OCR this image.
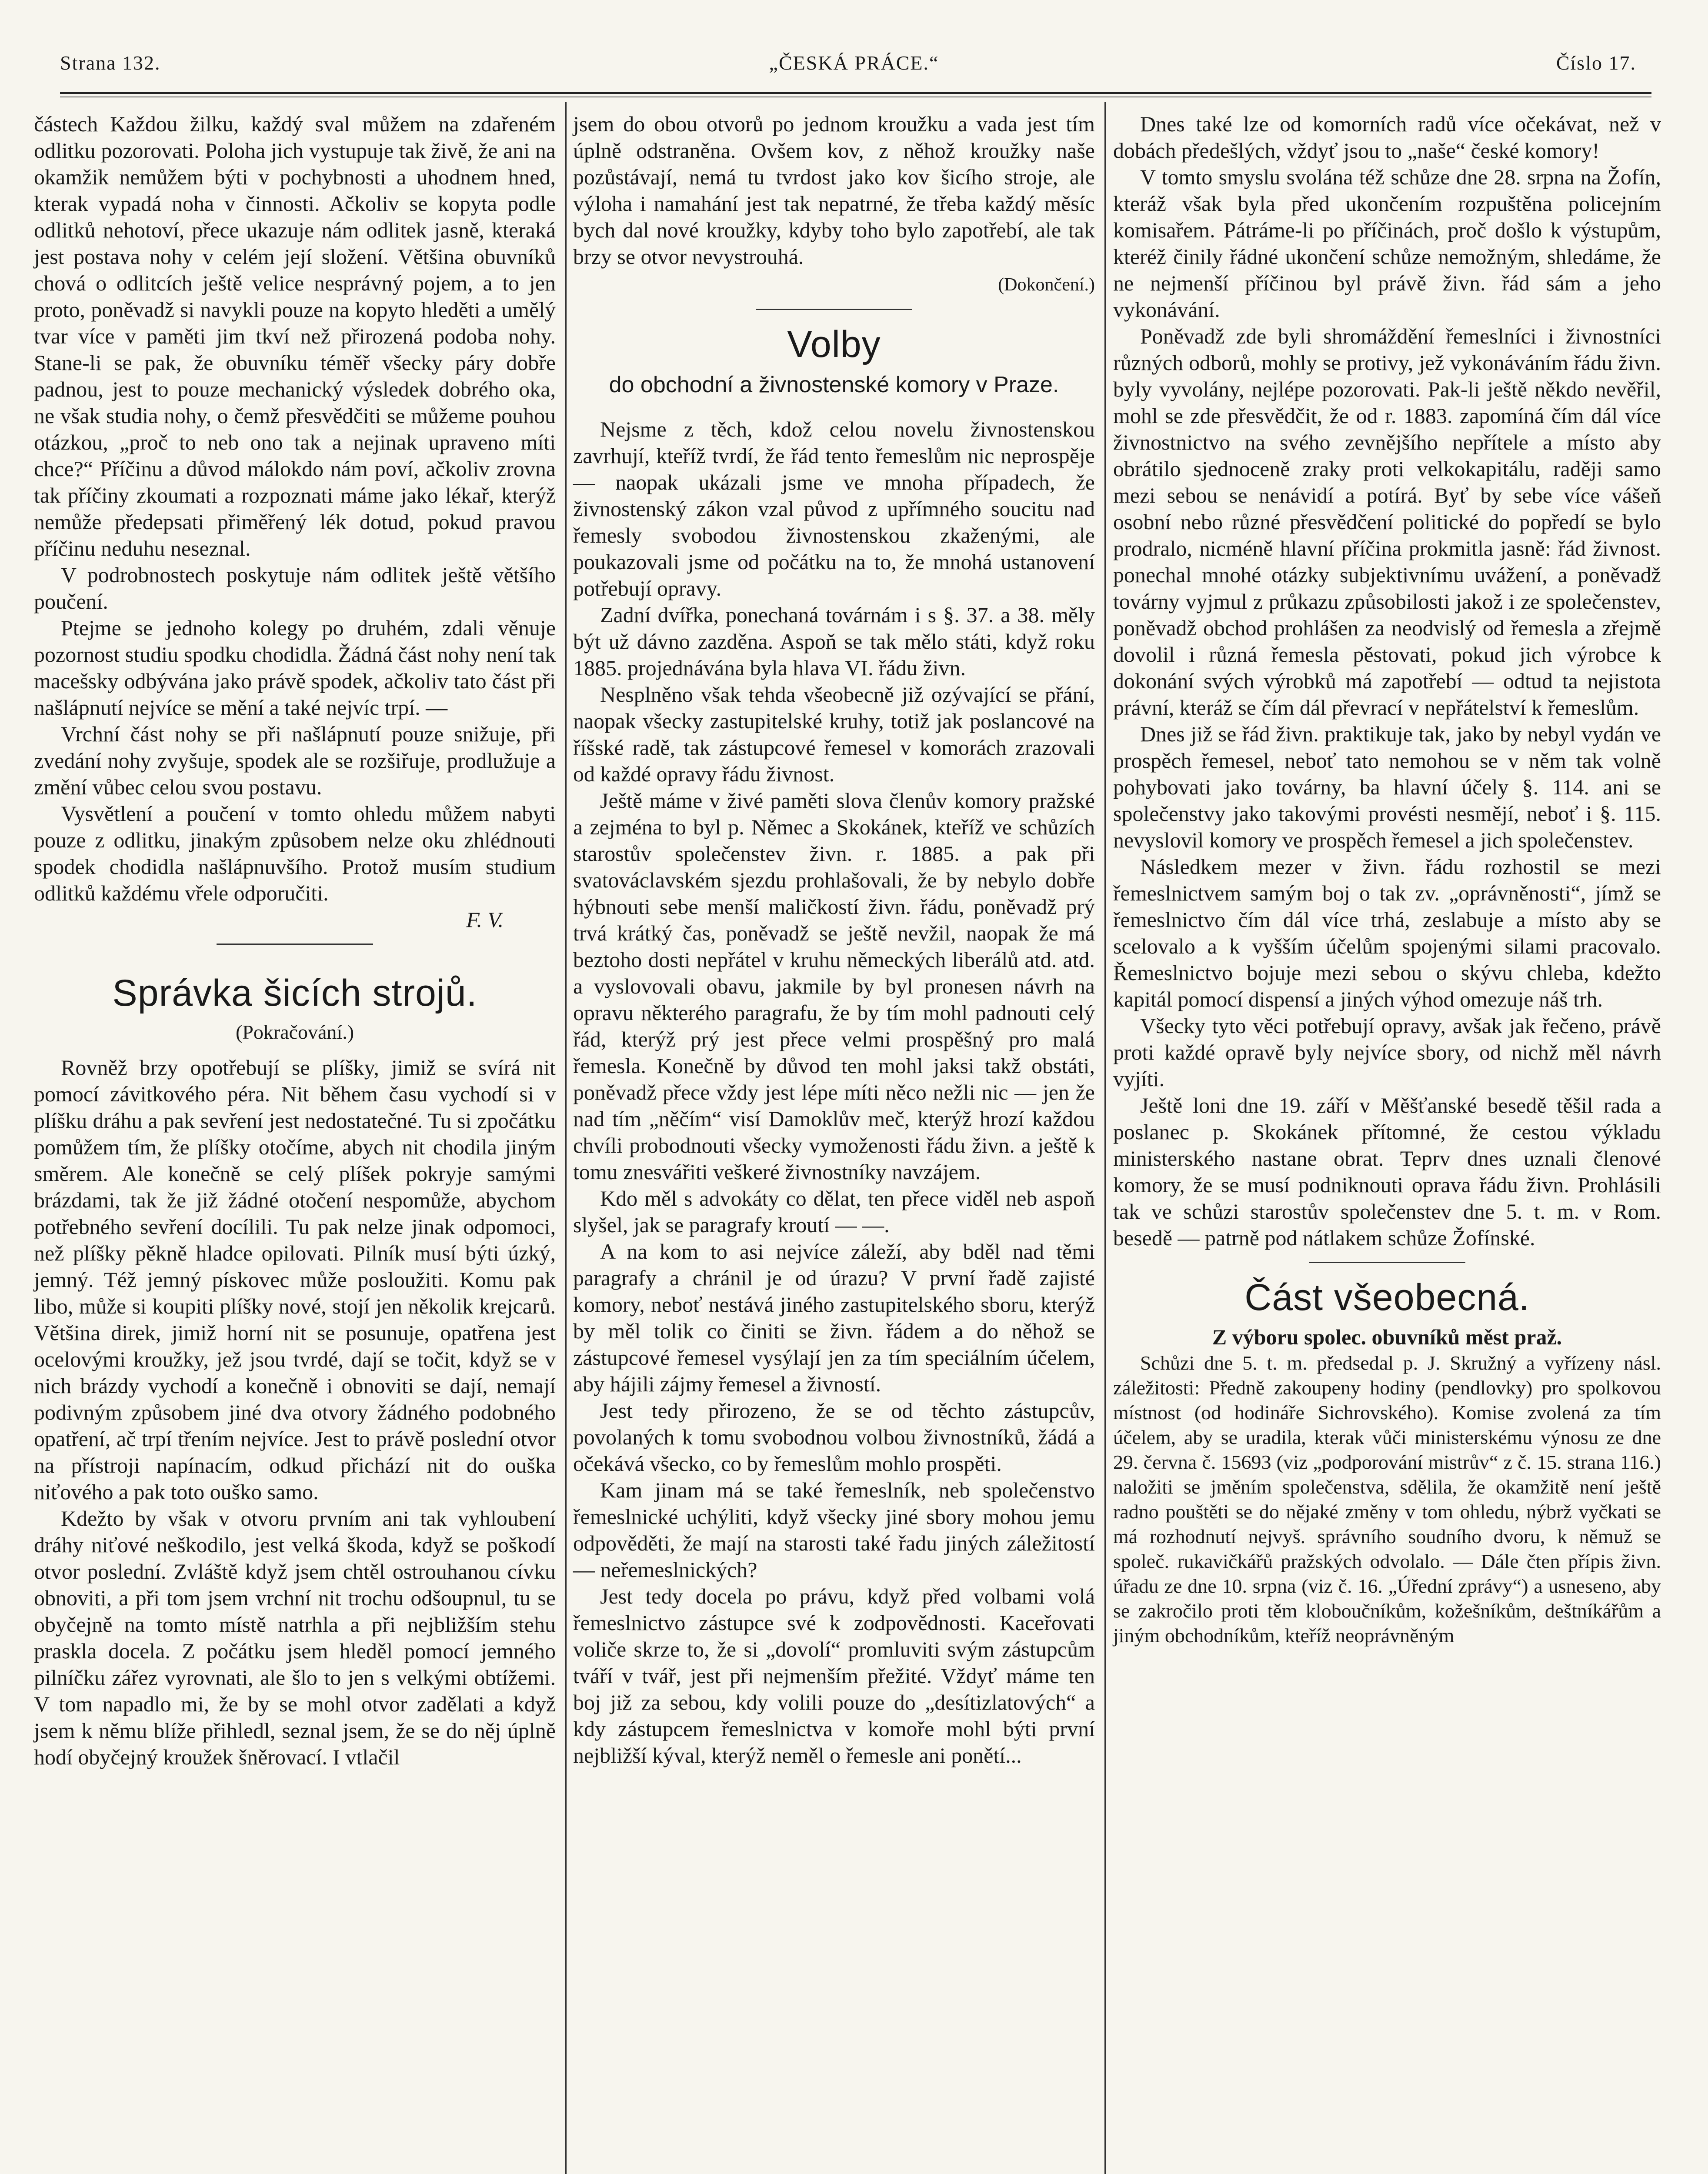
Strana 132.	„ČESKÁ PRÁCE.“	Číslo 17.

částech Každou žilku, každý sval můžem na zdařeném odlitku pozorovati. Poloha jich vystupuje tak živě, že ani na okamžik nemůžem býti v pochybnosti a uhodnem hned, kterak vypadá noha v činnosti. Ačkoliv se kopyta podle odlitků nehotoví, přece ukazuje nám odlitek jasně, kteraká jest postava nohy v celém její složení. Většina obuvníků chová o odlitcích ještě velice nesprávný pojem, a to jen proto, poněvadž si navykli pouze na kopyto hleděti a umělý tvar více v paměti jim tkví než přirozená podoba nohy. Stane-li se pak, že obuvníku téměř všecky páry dobře padnou, jest to pouze mechanický výsledek dobrého oka, ne však studia nohy, o čemž přesvědčiti se můžeme pouhou otázkou, „proč to neb ono tak a nejinak upraveno míti chce?“ Příčinu a důvod málokdo nám poví, ačkoliv zrovna tak příčiny zkoumati a rozpoznati máme jako lékař, kterýž nemůže předepsati přiměřený lék dotud, pokud pravou příčinu neduhu neseznal.

V podrobnostech poskytuje nám odlitek ještě většího poučení.

Ptejme se jednoho kolegy po druhém, zdali věnuje pozornost studiu spodku chodidla. Žádná část nohy není tak macešsky odbývána jako právě spodek, ačkoliv tato část při našlápnutí nejvíce se mění a také nejvíc trpí. —

Vrchní část nohy se při našlápnutí pouze snižuje, při zvedání nohy zvyšuje, spodek ale se rozšiřuje, prodlužuje a změní vůbec celou svou postavu.

Vysvětlení a poučení v tomto ohledu můžem nabyti pouze z odlitku, jinakým způsobem nelze oku zhlédnouti spodek chodidla našlápnuvšího. Protož musím studium odlitků každému vřele odporučiti.

F. V.

Správka šicích strojů.
(Pokračování.)

Rovněž brzy opotřebují se plíšky, jimiž se svírá nit pomocí závitkového péra. Nit během času vychodí si v plíšku dráhu a pak sevření jest nedostatečné. Tu si zpočátku pomůžem tím, že plíšky otočíme, abych nit chodila jiným směrem. Ale konečně se celý plíšek pokryje samými brázdami, tak že již žádné otočení nespomůže, abychom potřebného sevření docílili. Tu pak nelze jinak odpomoci, než plíšky pěkně hladce opilovati. Pilník musí býti úzký, jemný. Též jemný pískovec může posloužiti. Komu pak libo, může si koupiti plíšky nové, stojí jen několik krejcarů. Většina direk, jimiž horní nit se posunuje, opatřena jest ocelovými kroužky, jež jsou tvrdé, dají se točit, když se v nich brázdy vychodí a konečně i obnoviti se dají, nemají podivným způsobem jiné dva otvory žádného podobného opatření, ač trpí třením nejvíce. Jest to právě poslední otvor na přístroji napínacím, odkud přichází nit do ouška niťového a pak toto ouško samo.

Kdežto by však v otvoru prvním ani tak vyhloubení dráhy niťové neškodilo, jest velká škoda, když se poškodí otvor poslední. Zvláště když jsem chtěl ostrouhanou cívku obnoviti, a při tom jsem vrchní nit trochu odšoupnul, tu se obyčejně na tomto místě natrhla a při nejbližším stehu praskla docela. Z počátku jsem hleděl pomocí jemného pilníčku zářez vyrovnati, ale šlo to jen s velkými obtížemi. V tom napadlo mi, že by se mohl otvor zadělati a když jsem k němu blíže přihledl, seznal jsem, že se do něj úplně hodí obyčejný kroužek šněrovací. I vtlačil

jsem do obou otvorů po jednom kroužku a vada jest tím úplně odstraněna. Ovšem kov, z něhož kroužky naše pozůstávají, nemá tu tvrdost jako kov šicího stroje, ale výloha i namahání jest tak nepatrné, že třeba každý měsíc bych dal nové kroužky, kdyby toho bylo zapotřebí, ale tak brzy se otvor nevystrouhá.

(Dokončení.)
Volby
do obchodní a živnostenské komory v Praze.

Nejsme z těch, kdož celou novelu živnostenskou zavrhují, kteříž tvrdí, že řád tento řemeslům nic neprospěje — naopak ukázali jsme ve mnoha případech, že živnostenský zákon vzal původ z upřímného soucitu nad řemesly svobodou živnostenskou zkaženými, ale poukazovali jsme od počátku na to, že mnohá ustanovení potřebují opravy.

Zadní dvířka, ponechaná továrnám i s §. 37. a 38. měly být už dávno zazděna. Aspoň se tak mělo státi, když roku 1885. projednávána byla hlava VI. řádu živn.

Nesplněno však tehda všeobecně již ozývající se přání, naopak všecky zastupitelské kruhy, totiž jak poslancové na říšské radě, tak zástupcové řemesel v komorách zrazovali od každé opravy řádu živnost.

Ještě máme v živé paměti slova členův komory pražské a zejména to byl p. Němec a Skokánek, kteříž ve schůzích starostův společenstev živn. r. 1885. a pak při svatováclavském sjezdu prohlašovali, že by nebylo dobře hýbnouti sebe menší maličkostí živn. řádu, poněvadž prý trvá krátký čas, poněvadž se ještě nevžil, naopak že má beztoho dosti nepřátel v kruhu německých liberálů atd. atd. a vyslovovali obavu, jakmile by byl pronesen návrh na opravu některého paragrafu, že by tím mohl padnouti celý řád, kterýž prý jest přece velmi prospěšný pro malá řemesla. Konečně by důvod ten mohl jaksi takž obstáti, poněvadž přece vždy jest lépe míti něco nežli nic — jen že nad tím „něčím“ visí Damoklův meč, kterýž hrozí každou chvíli probodnouti všecky vymoženosti řádu živn. a ještě k tomu znesvářiti veškeré živnostníky navzájem.

Kdo měl s advokáty co dělat, ten přece viděl neb aspoň slyšel, jak se paragrafy kroutí — —.

A na kom to asi nejvíce záleží, aby bděl nad těmi paragrafy a chránil je od úrazu? V první řadě zajisté komory, neboť nestává jiného zastupitelského sboru, kterýž by měl tolik co činiti se živn. řádem a do něhož se zástupcové řemesel vysýlají jen za tím speciálním účelem, aby hájili zájmy řemesel a živností.

Jest tedy přirozeno, že se od těchto zástupcův, povolaných k tomu svobodnou volbou živnostníků, žádá a očekává všecko, co by řemeslům mohlo prospěti.

Kam jinam má se také řemeslník, neb společenstvo řemeslnické uchýliti, když všecky jiné sbory mohou jemu odpověděti, že mají na starosti také řadu jiných záležitostí — neřemeslnických?

Jest tedy docela po právu, když před volbami volá řemeslnictvo zástupce své k zodpovědnosti. Kaceřovati voliče skrze to, že si „dovolí“ promluviti svým zástupcům tváří v tvář, jest při nejmenším přežité. Vždyť máme ten boj již za sebou, kdy volili pouze do „desítizlatových“ a kdy zástupcem řemeslnictva v komoře mohl býti první nejbližší kýval, kterýž neměl o řemesle ani ponětí...

Dnes také lze od komorních radů více očekávat, než v dobách předešlých, vždyť jsou to „naše“ české komory!

V tomto smyslu svolána též schůze dne 28. srpna na Žofín, kteráž však byla před ukončením rozpuštěna policejním komisařem. Pátráme-li po příčinách, proč došlo k výstupům, kteréž činily řádné ukončení schůze nemožným, shledáme, že ne nejmenší příčinou byl právě živn. řád sám a jeho vykonávání.

Poněvadž zde byli shromáždění řemeslníci i živnostníci různých odborů, mohly se protivy, jež vykonáváním řádu živn. byly vyvolány, nejlépe pozorovati. Pak-li ještě někdo nevěřil, mohl se zde přesvědčit, že od r. 1883. zapomíná čím dál více živnostnictvo na svého zevnějšího nepřítele a místo aby obrátilo sjednoceně zraky proti velkokapitálu, raději samo mezi sebou se nenávidí a potírá. Byť by sebe více vášeň osobní nebo různé přesvědčení politické do popředí se bylo prodralo, nicméně hlavní příčina prokmitla jasně: řád živnost. ponechal mnohé otázky subjektivnímu uvážení, a poněvadž továrny vyjmul z průkazu způsobilosti jakož i ze společenstev, poněvadž obchod prohlášen za neodvislý od řemesla a zřejmě dovolil i různá řemesla pěstovati, pokud jich výrobce k dokonání svých výrobků má zapotřebí — odtud ta nejistota právní, kteráž se čím dál převrací v nepřátelství k řemeslům.

Dnes již se řád živn. praktikuje tak, jako by nebyl vydán ve prospěch řemesel, neboť tato nemohou se v něm tak volně pohybovati jako továrny, ba hlavní účely §. 114. ani se společenstvy jako takovými provésti nesmějí, neboť i §. 115. nevyslovil komory ve prospěch řemesel a jich společenstev.

Následkem mezer v živn. řádu rozhostil se mezi řemeslnictvem samým boj o tak zv. „oprávněnosti“, jímž se řemeslnictvo čím dál více trhá, zeslabuje a místo aby se scelovalo a k vyšším účelům spojenými silami pracovalo. Řemeslnictvo bojuje mezi sebou o skývu chleba, kdežto kapitál pomocí dispensí a jiných výhod omezuje náš trh.

Všecky tyto věci potřebují opravy, avšak jak řečeno, právě proti každé opravě byly nejvíce sbory, od nichž měl návrh vyjíti.

Ještě loni dne 19. září v Měšťanské besedě těšil rada a poslanec p. Skokánek přítomné, že cestou výkladu ministerského nastane obrat. Teprv dnes uznali členové komory, že se musí podniknouti oprava řádu živn. Prohlásili tak ve schůzi starostův společenstev dne 5. t. m. v Rom. besedě — patrně pod nátlakem schůze Žofínské.

Část všeobecná.

Z výboru spolec. obuvníků měst praž.

Schůzi dne 5. t. m. předsedal p. J. Skružný a vyřízeny násl. záležitosti: Předně zakoupeny hodiny (pendlovky) pro spolkovou místnost (od hodináře Sichrovského). Komise zvolená za tím účelem, aby se uradila, kterak vůči ministerskému výnosu ze dne 29. června č. 15693 (viz „podporování mistrův“ z č. 15. strana 116.) naložiti se jměním společenstva, sdělila, že okamžitě není ještě radno pouštěti se do nějaké změny v tom ohledu, nýbrž vyčkati se má rozhodnutí nejvyš. správního soudního dvoru, k němuž se společ. rukavičkářů pražských odvolalo. — Dále čten přípis živn. úřadu ze dne 10. srpna (viz č. 16. „Úřední zprávy“) a usneseno, aby se zakročilo proti těm kloboučníkům, kožešníkům, deštníkářům a jiným obchodníkům, kteříž neoprávněným
